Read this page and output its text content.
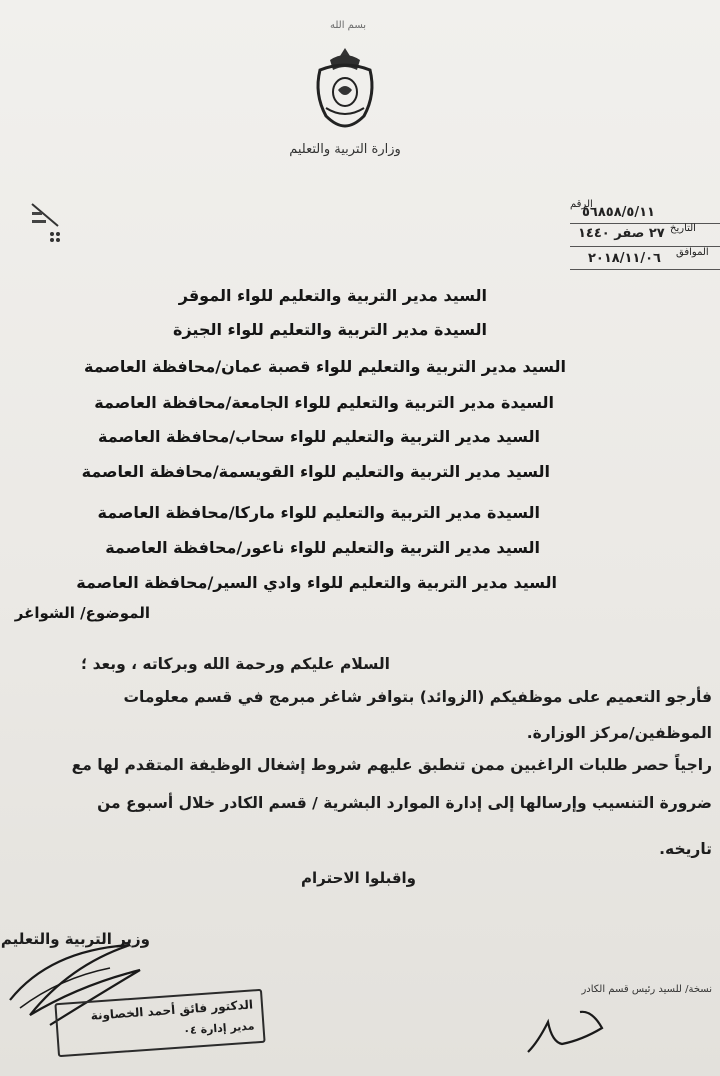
بسم الله
وزارة التربية والتعليم
الرقم
٥٦٨٥٨/٥/١١
التاريخ
٢٧ صفر ١٤٤٠
الموافق
٢٠١٨/١١/٠٦
السيد مدير التربية والتعليم للواء الموقر
السيدة مدير التربية والتعليم للواء الجيزة
السيد مدير التربية والتعليم للواء قصبة عمان/محافظة العاصمة
السيدة مدير التربية والتعليم للواء الجامعة/محافظة العاصمة
السيد مدير التربية والتعليم للواء سحاب/محافظة العاصمة
السيد مدير التربية والتعليم للواء القويسمة/محافظة العاصمة
السيدة مدير التربية والتعليم للواء ماركا/محافظة العاصمة
السيد مدير التربية والتعليم للواء ناعور/محافظة العاصمة
السيد مدير التربية والتعليم للواء وادي السير/محافظة العاصمة
الموضوع/ الشواغر
السلام عليكم ورحمة الله وبركاته ، وبعد ؛
فأرجو التعميم على موظفيكم (الزوائد) بتوافر شاغر مبرمج في قسم معلومات
الموظفين/مركز الوزارة.
راجياً حصر طلبات الراغبين ممن تنطبق عليهم شروط إشغال الوظيفة المتقدم لها مع
ضرورة التنسيب وإرسالها إلى إدارة الموارد البشرية / قسم الكادر خلال أسبوع من
تاريخه.
واقبلوا الاحترام
وزير التربية والتعليم
الدكتور فائق أحمد الخصاونة
مدير إدارة ٠٤
نسخة/ للسيد رئيس قسم الكادر
